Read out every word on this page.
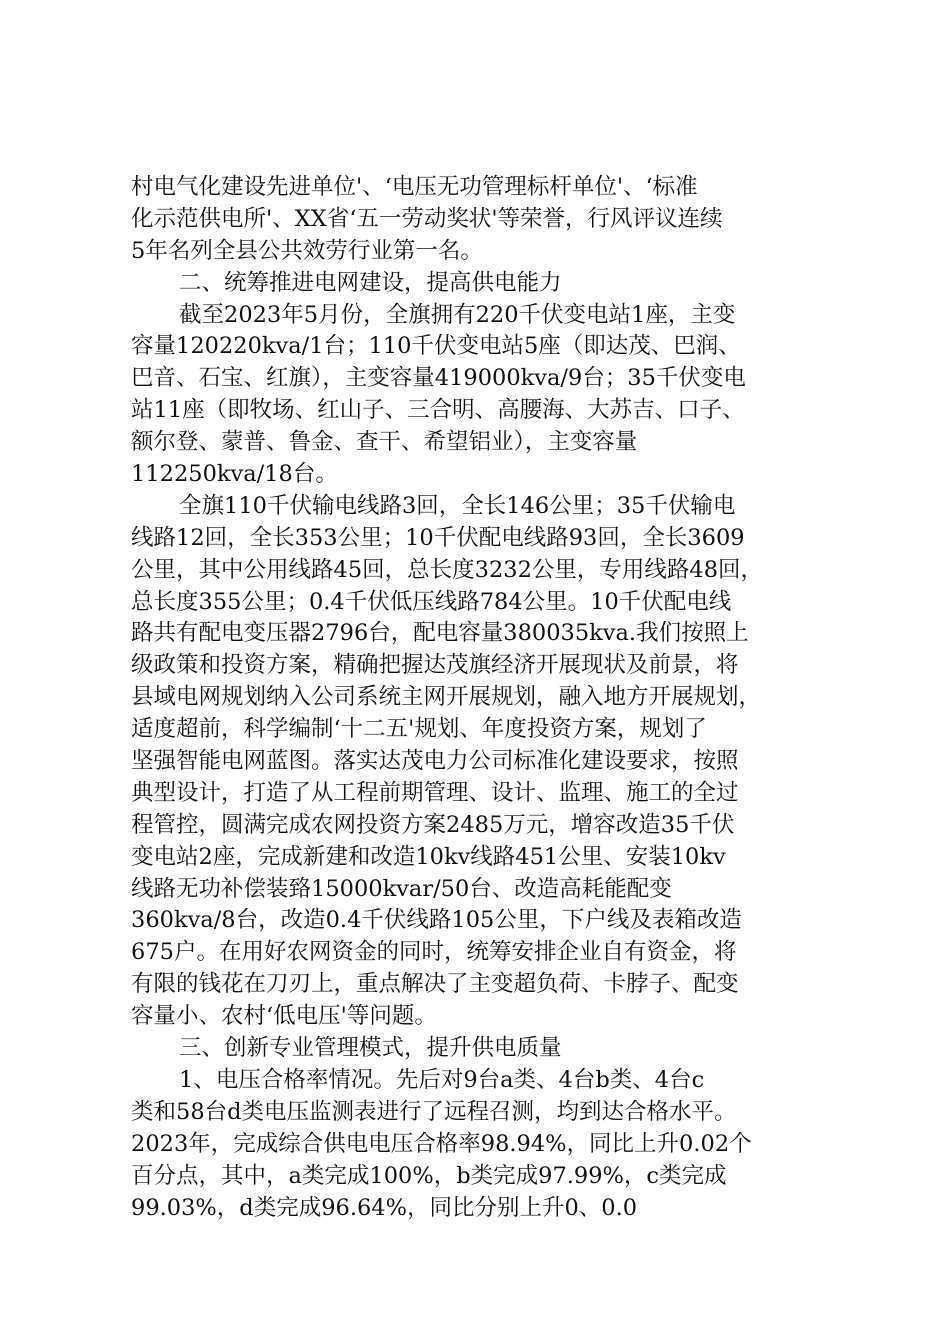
村电气化建设先进单位'、‘电压无功管理标杆单位'、‘标准
化示范供电所'、XX省‘五一劳动奖状'等荣誉，行风评议连续
5年名列全县公共效劳行业第一名。
二、统筹推进电网建设，提高供电能力
截至2023年5月份，全旗拥有220千伏变电站1座，主变
容量120220kva/1台；110千伏变电站5座（即达茂、巴润、
巴音、石宝、红旗），主变容量419000kva/9台；35千伏变电
站11座（即牧场、红山子、三合明、高腰海、大苏吉、口子、
额尔登、蒙普、鲁金、查干、希望铝业），主变容量
112250kva/18台。
全旗110千伏输电线路3回，全长146公里；35千伏输电
线路12回，全长353公里；10千伏配电线路93回，全长3609
公里，其中公用线路45回，总长度3232公里，专用线路48回，
总长度355公里；0.4千伏低压线路784公里。10千伏配电线
路共有配电变压器2796台，配电容量380035kva.我们按照上
级政策和投资方案，精确把握达茂旗经济开展现状及前景，将
县域电网规划纳入公司系统主网开展规划，融入地方开展规划，
适度超前，科学编制‘十二五'规划、年度投资方案，规划了
坚强智能电网蓝图。落实达茂电力公司标准化建设要求，按照
典型设计，打造了从工程前期管理、设计、监理、施工的全过
程管控，圆满完成农网投资方案2485万元，增容改造35千伏
变电站2座，完成新建和改造10kv线路451公里、安装10kv
线路无功补偿装臵15000kvar/50台、改造高耗能配变
360kva/8台，改造0.4千伏线路105公里，下户线及表箱改造
675户。在用好农网资金的同时，统筹安排企业自有资金，将
有限的钱花在刀刃上，重点解决了主变超负荷、卡脖子、配变
容量小、农村‘低电压'等问题。
三、创新专业管理模式，提升供电质量
1、电压合格率情况。先后对9台a类、4台b类、4台c
类和58台d类电压监测表进行了远程召测，均到达合格水平。
2023年，完成综合供电电压合格率98.94%，同比上升0.02个
百分点，其中，a类完成100%，b类完成97.99%，c类完成
99.03%，d类完成96.64%，同比分别上升0、0.0
